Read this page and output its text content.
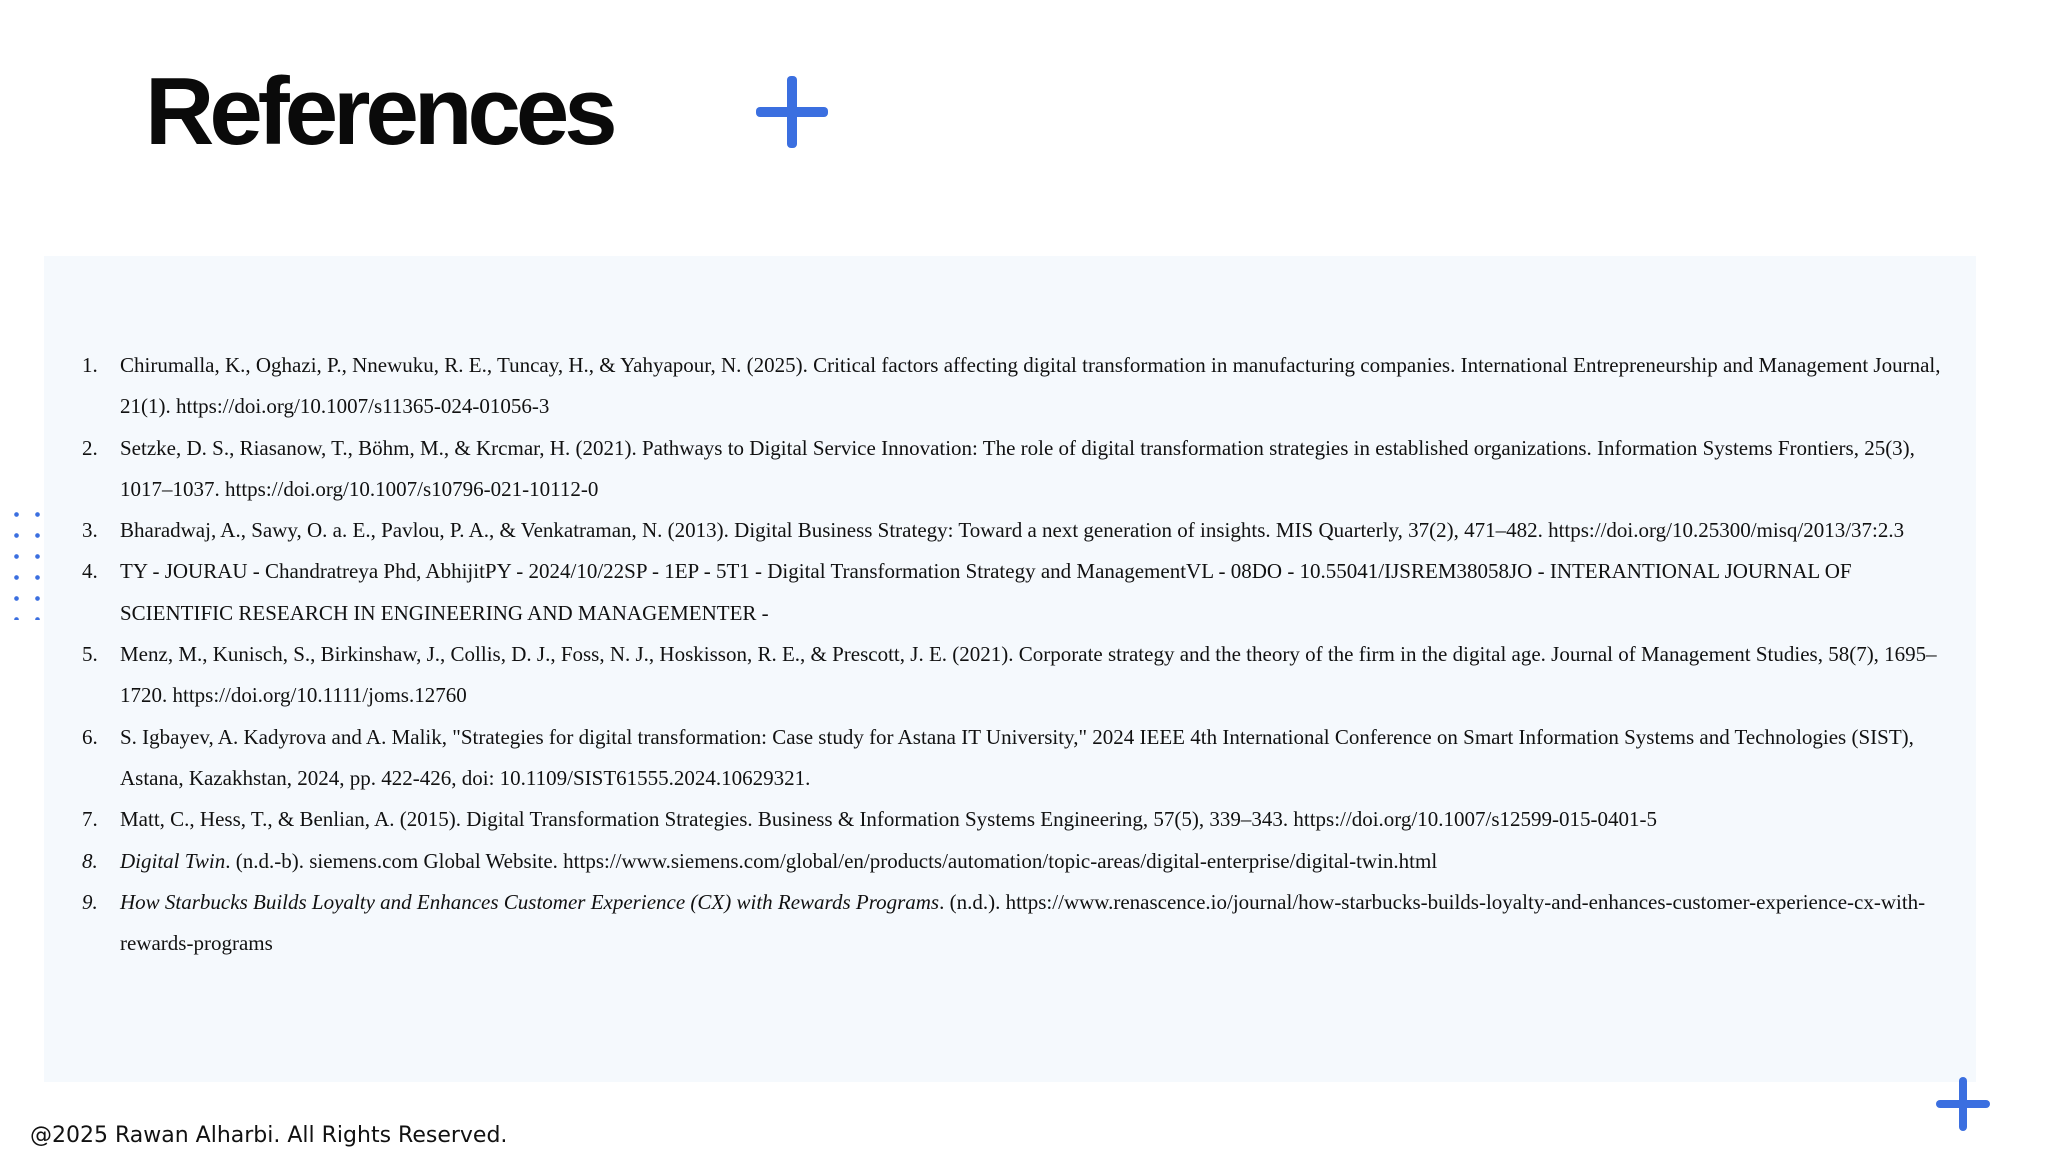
References
1. Chirumalla, K., Oghazi, P., Nnewuku, R. E., Tuncay, H., & Yahyapour, N. (2025). Critical factors affecting digital transformation in manufacturing companies. International Entrepreneurship and Management Journal, 21(1). https://doi.org/10.1007/s11365-024-01056-3
2. Setzke, D. S., Riasanow, T., Böhm, M., & Krcmar, H. (2021). Pathways to Digital Service Innovation: The role of digital transformation strategies in established organizations. Information Systems Frontiers, 25(3), 1017–1037. https://doi.org/10.1007/s10796-021-10112-0
3. Bharadwaj, A., Sawy, O. a. E., Pavlou, P. A., & Venkatraman, N. (2013). Digital Business Strategy: Toward a next generation of insights. MIS Quarterly, 37(2), 471–482. https://doi.org/10.25300/misq/2013/37:2.3
4. TY - JOURAU - Chandratreya Phd, AbhijitPY - 2024/10/22SP - 1EP - 5T1 - Digital Transformation Strategy and ManagementVL - 08DO - 10.55041/IJSREM38058JO - INTERANTIONAL JOURNAL OF SCIENTIFIC RESEARCH IN ENGINEERING AND MANAGEMENTER -
5. Menz, M., Kunisch, S., Birkinshaw, J., Collis, D. J., Foss, N. J., Hoskisson, R. E., & Prescott, J. E. (2021). Corporate strategy and the theory of the firm in the digital age. Journal of Management Studies, 58(7), 1695–1720. https://doi.org/10.1111/joms.12760
6. S. Igbayev, A. Kadyrova and A. Malik, "Strategies for digital transformation: Case study for Astana IT University," 2024 IEEE 4th International Conference on Smart Information Systems and Technologies (SIST), Astana, Kazakhstan, 2024, pp. 422-426, doi: 10.1109/SIST61555.2024.10629321.
7. Matt, C., Hess, T., & Benlian, A. (2015). Digital Transformation Strategies. Business & Information Systems Engineering, 57(5), 339–343. https://doi.org/10.1007/s12599-015-0401-5
8. Digital Twin. (n.d.-b). siemens.com Global Website. https://www.siemens.com/global/en/products/automation/topic-areas/digital-enterprise/digital-twin.html
9. How Starbucks Builds Loyalty and Enhances Customer Experience (CX) with Rewards Programs. (n.d.). https://www.renascence.io/journal/how-starbucks-builds-loyalty-and-enhances-customer-experience-cx-with-rewards-programs
@2025 Rawan Alharbi. All Rights Reserved.
